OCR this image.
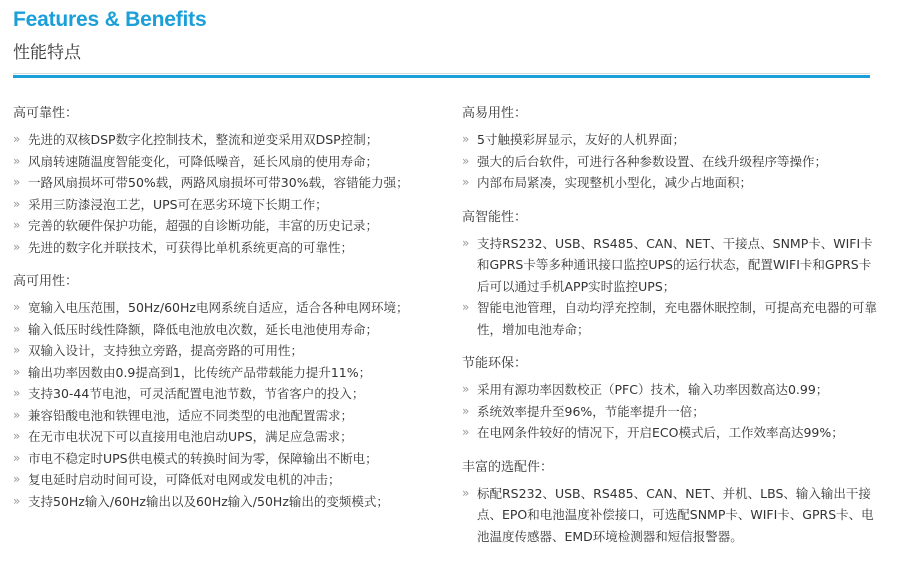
Features & Benefits
性能特点
高可靠性：
» 先进的双核DSP数字化控制技术，整流和逆变采用双DSP控制；
» 风扇转速随温度智能变化，可降低噪音，延长风扇的使用寿命；
» 一路风扇损坏可带50%载，两路风扇损坏可带30%载，容错能力强；
» 采用三防漆浸泡工艺，UPS可在恶劣环境下长期工作；
» 完善的软硬件保护功能，超强的自诊断功能，丰富的历史记录；
» 先进的数字化并联技术，可获得比单机系统更高的可靠性；
高可用性：
» 宽输入电压范围，50Hz/60Hz电网系统自适应，适合各种电网环境；
» 输入低压时线性降额，降低电池放电次数，延长电池使用寿命；
» 双输入设计，支持独立旁路，提高旁路的可用性；
» 输出功率因数由0.9提高到1，比传统产品带载能力提升11%；
» 支持30-44节电池，可灵活配置电池节数，节省客户的投入；
» 兼容铅酸电池和铁锂电池，适应不同类型的电池配置需求；
» 在无市电状况下可以直接用电池启动UPS，满足应急需求；
» 市电不稳定时UPS供电模式的转换时间为零，保障输出不断电；
» 复电延时启动时间可设，可降低对电网或发电机的冲击；
» 支持50Hz输入/60Hz输出以及60Hz输入/50Hz输出的变频模式；
高易用性：
» 5寸触摸彩屏显示，友好的人机界面；
» 强大的后台软件，可进行各种参数设置、在线升级程序等操作；
» 内部布局紧凑，实现整机小型化，减少占地面积；
高智能性：
» 支持RS232、USB、RS485、CAN、NET、干接点、SNMP卡、WIFI卡和GPRS卡等多种通讯接口监控UPS的运行状态，配置WIFI卡和GPRS卡后可以通过手机APP实时监控UPS；
» 智能电池管理，自动均浮充控制，充电器休眠控制，可提高充电器的可靠性，增加电池寿命；
节能环保：
» 采用有源功率因数校正（PFC）技术，输入功率因数高达0.99；
» 系统效率提升至96%，节能率提升一倍；
» 在电网条件较好的情况下，开启ECO模式后，工作效率高达99%；
丰富的选配件：
» 标配RS232、USB、RS485、CAN、NET、并机、LBS、输入输出干接点、EPO和电池温度补偿接口，可选配SNMP卡、WIFI卡、GPRS卡、电池温度传感器、EMD环境检测器和短信报警器。
